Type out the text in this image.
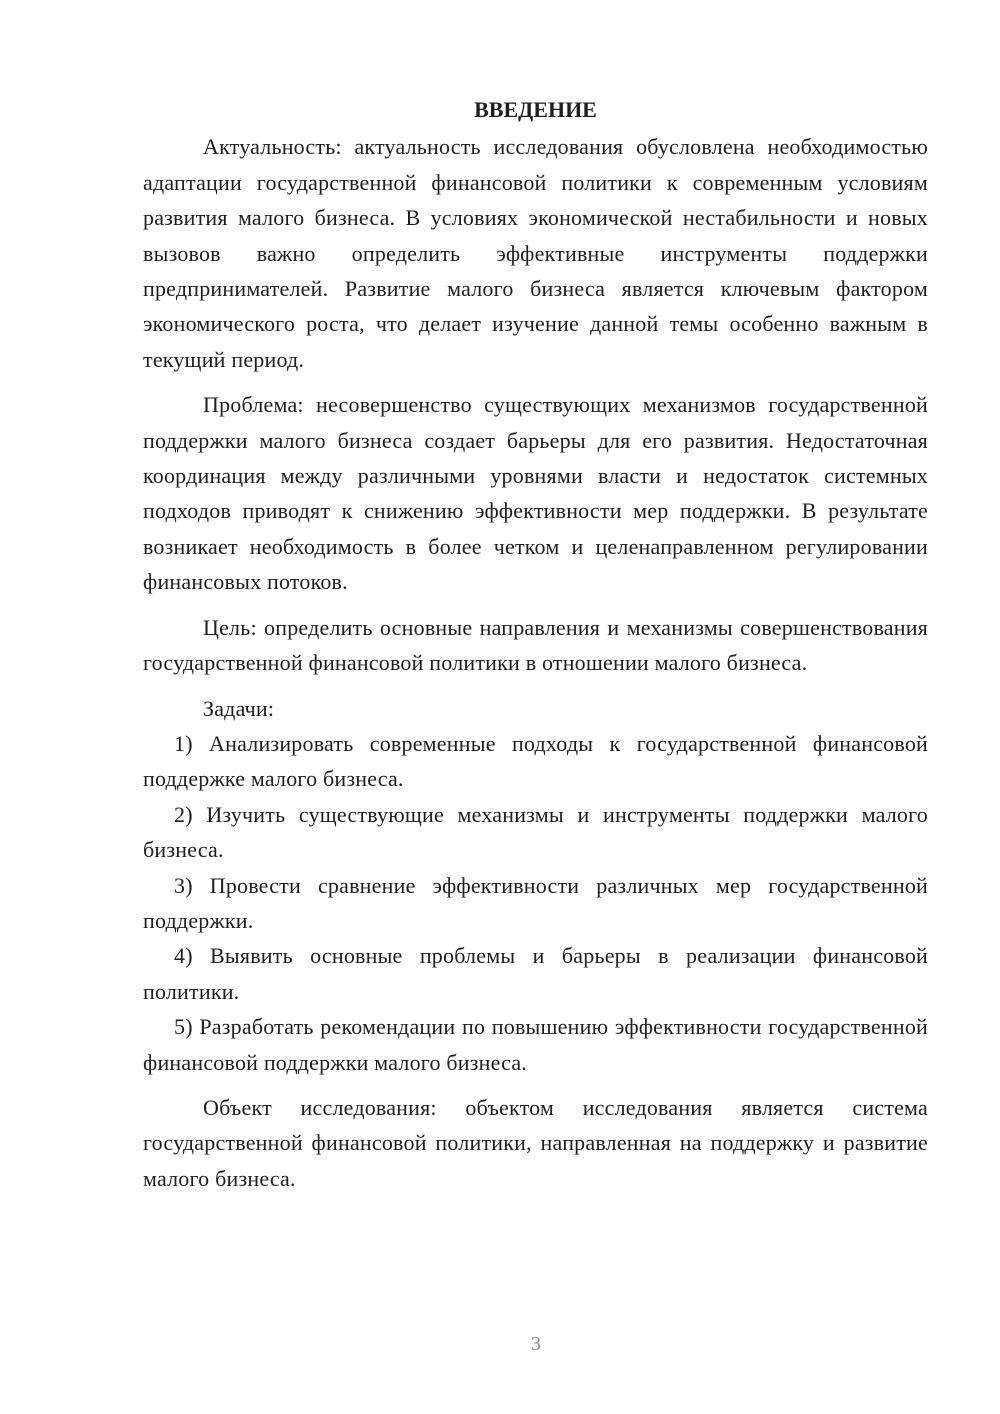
ВВЕДЕНИЕ

Актуальность: актуальность исследования обусловлена необходимостью адаптации государственной финансовой политики к современным условиям развития малого бизнеса. В условиях экономической нестабильности и новых вызовов важно определить эффективные инструменты поддержки предпринимателей. Развитие малого бизнеса является ключевым фактором экономического роста, что делает изучение данной темы особенно важным в текущий период.

Проблема: несовершенство существующих механизмов государственной поддержки малого бизнеса создает барьеры для его развития. Недостаточная координация между различными уровнями власти и недостаток системных подходов приводят к снижению эффективности мер поддержки. В результате возникает необходимость в более четком и целенаправленном регулировании финансовых потоков.

Цель: определить основные направления и механизмы совершенствования государственной финансовой политики в отношении малого бизнеса.

Задачи:

1) Анализировать современные подходы к государственной финансовой поддержке малого бизнеса.

2) Изучить существующие механизмы и инструменты поддержки малого бизнеса.

3) Провести сравнение эффективности различных мер государственной поддержки.

4) Выявить основные проблемы и барьеры в реализации финансовой политики.

5) Разработать рекомендации по повышению эффективности государственной финансовой поддержки малого бизнеса.

Объект исследования: объектом исследования является система государственной финансовой политики, направленная на поддержку и развитие малого бизнеса.

3
